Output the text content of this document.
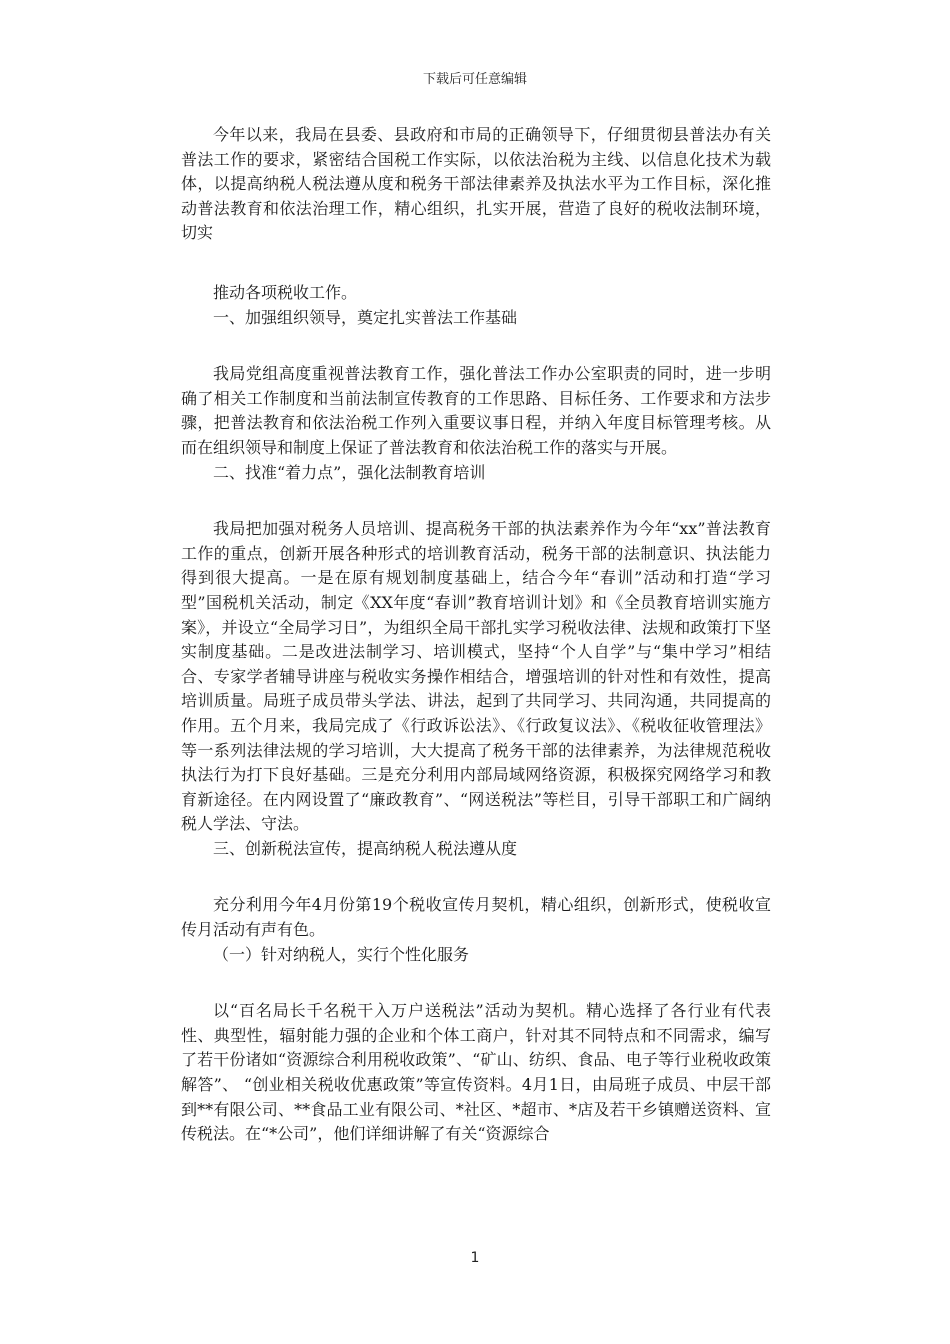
下载后可任意编辑

今年以来，我局在县委、县政府和市局的正确领导下，仔细贯彻县普法办有关普法工作的要求，紧密结合国税工作实际，以依法治税为主线、以信息化技术为载体，以提高纳税人税法遵从度和税务干部法律素养及执法水平为工作目标，深化推动普法教育和依法治理工作，精心组织，扎实开展，营造了良好的税收法制环境，切实

推动各项税收工作。

一、加强组织领导，奠定扎实普法工作基础

我局党组高度重视普法教育工作，强化普法工作办公室职责的同时，进一步明确了相关工作制度和当前法制宣传教育的工作思路、目标任务、工作要求和方法步骤，把普法教育和依法治税工作列入重要议事日程，并纳入年度目标管理考核。从而在组织领导和制度上保证了普法教育和依法治税工作的落实与开展。

二、找准“着力点”，强化法制教育培训

我局把加强对税务人员培训、提高税务干部的执法素养作为今年“xx”普法教育工作的重点，创新开展各种形式的培训教育活动，税务干部的法制意识、执法能力得到很大提高。一是在原有规划制度基础上，结合今年“春训”活动和打造“学习型”国税机关活动，制定《XX年度“春训”教育培训计划》和《全员教育培训实施方案》，并设立“全局学习日”，为组织全局干部扎实学习税收法律、法规和政策打下坚实制度基础。二是改进法制学习、培训模式，坚持“个人自学”与“集中学习”相结合、专家学者辅导讲座与税收实务操作相结合，增强培训的针对性和有效性，提高培训质量。局班子成员带头学法、讲法，起到了共同学习、共同沟通，共同提高的作用。五个月来，我局完成了《行政诉讼法》、《行政复议法》、《税收征收管理法》等一系列法律法规的学习培训，大大提高了税务干部的法律素养，为法律规范税收执法行为打下良好基础。三是充分利用内部局域网络资源，积极探究网络学习和教育新途径。在内网设置了“廉政教育”、“网送税法”等栏目，引导干部职工和广阔纳税人学法、守法。

三、创新税法宣传，提高纳税人税法遵从度

充分利用今年4月份第19个税收宣传月契机，精心组织，创新形式，使税收宣传月活动有声有色。

（一）针对纳税人，实行个性化服务

以“百名局长千名税干入万户送税法”活动为契机。精心选择了各行业有代表性、典型性，辐射能力强的企业和个体工商户，针对其不同特点和不同需求，编写了若干份诸如“资源综合利用税收政策”、“矿山、纺织、食品、电子等行业税收政策解答”、 “创业相关税收优惠政策”等宣传资料。4月1日，由局班子成员、中层干部到**有限公司、**食品工业有限公司、*社区、*超市、*店及若干乡镇赠送资料、宣传税法。在“*公司”，他们详细讲解了有关“资源综合

1
